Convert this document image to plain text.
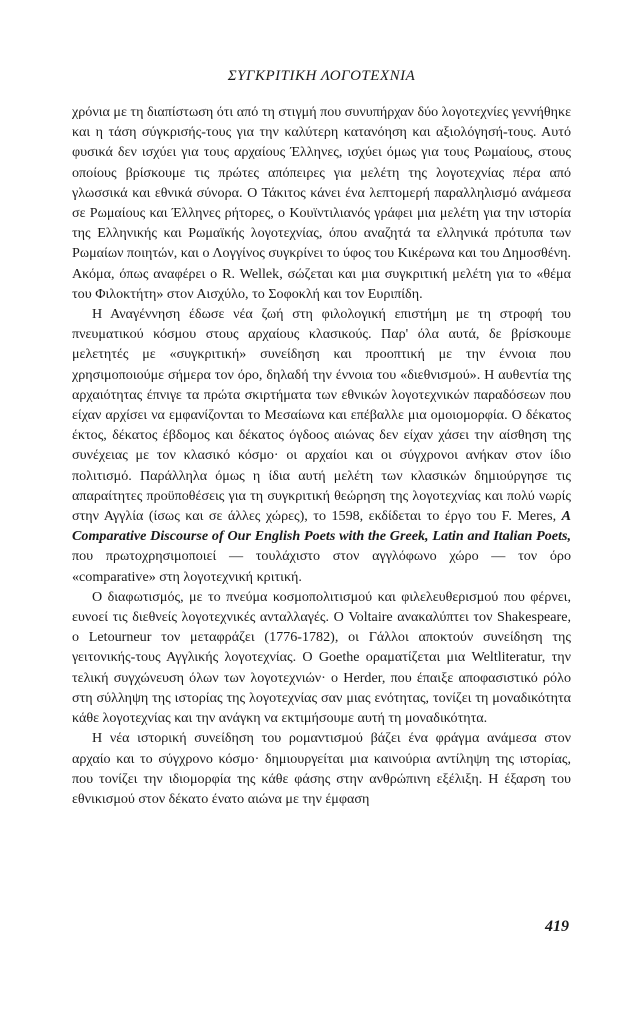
ΣΥΓΚΡΙΤΙΚΗ ΛΟΓΟΤΕΧΝΙΑ

χρόνια με τη διαπίστωση ότι από τη στιγμή που συνυπήρχαν δύο λογοτεχνίες γεννήθηκε και η τάση σύγκρισής-τους για την καλύτερη κατανόηση και αξιολόγησή-τους. Αυτό φυσικά δεν ισχύει για τους αρχαίους Έλληνες, ισχύει όμως για τους Ρωμαίους, στους οποίους βρίσκουμε τις πρώτες απόπειρες για μελέτη της λογοτεχνίας πέρα από γλωσσικά και εθνικά σύνορα. Ο Τάκιτος κάνει ένα λεπτομερή παραλληλισμό ανάμεσα σε Ρωμαίους και Έλληνες ρήτορες, ο Κουϊντιλιανός γράφει μια μελέτη για την ιστορία της Ελληνικής και Ρωμαϊκής λογοτεχνίας, όπου αναζητά τα ελληνικά πρότυπα των Ρωμαίων ποιητών, και ο Λογγίνος συγκρίνει το ύφος του Κικέρωνα και του Δημοσθένη. Ακόμα, όπως αναφέρει ο R. Wellek, σώζεται και μια συγκριτική μελέτη για το «θέμα του Φιλοκτήτη» στον Αισχύλο, το Σοφοκλή και τον Ευριπίδη.

Η Αναγέννηση έδωσε νέα ζωή στη φιλολογική επιστήμη με τη στροφή του πνευματικού κόσμου στους αρχαίους κλασικούς. Παρ' όλα αυτά, δε βρίσκουμε μελετητές με «συγκριτική» συνείδηση και προοπτική με την έννοια που χρησιμοποιούμε σήμερα τον όρο, δηλαδή την έννοια του «διεθνισμού». Η αυθεντία της αρχαιότητας έπνιγε τα πρώτα σκιρτήματα των εθνικών λογοτεχνικών παραδόσεων που είχαν αρχίσει να εμφανίζονται το Μεσαίωνα και επέβαλλε μια ομοιομορφία. Ο δέκατος έκτος, δέκατος έβδομος και δέκατος όγδοος αιώνας δεν είχαν χάσει την αίσθηση της συνέχειας με τον κλασικό κόσμο· οι αρχαίοι και οι σύγχρονοι ανήκαν στον ίδιο πολιτισμό. Παράλληλα όμως η ίδια αυτή μελέτη των κλασικών δημιούργησε τις απαραίτητες προϋποθέσεις για τη συγκριτική θεώρηση της λογοτεχνίας και πολύ νωρίς στην Αγγλία (ίσως και σε άλλες χώρες), το 1598, εκδίδεται το έργο του F. Meres, A Comparative Discourse of Our English Poets with the Greek, Latin and Italian Poets, που πρωτοχρησιμοποιεί — τουλάχιστο στον αγγλόφωνο χώρο — τον όρο «comparative» στη λογοτεχνική κριτική.

Ο διαφωτισμός, με το πνεύμα κοσμοπολιτισμού και φιλελευθερισμού που φέρνει, ευνοεί τις διεθνείς λογοτεχνικές ανταλλαγές. Ο Voltaire ανακαλύπτει τον Shakespeare, ο Letourneur τον μεταφράζει (1776-1782), οι Γάλλοι αποκτούν συνείδηση της γειτονικής-τους Αγγλικής λογοτεχνίας. Ο Goethe οραματίζεται μια Weltliteratur, την τελική συγχώνευση όλων των λογοτεχνιών· ο Herder, που έπαιξε αποφασιστικό ρόλο στη σύλληψη της ιστορίας της λογοτεχνίας σαν μιας ενότητας, τονίζει τη μοναδικότητα κάθε λογοτεχνίας και την ανάγκη να εκτιμήσουμε αυτή τη μοναδικότητα.

Η νέα ιστορική συνείδηση του ρομαντισμού βάζει ένα φράγμα ανάμεσα στον αρχαίο και το σύγχρονο κόσμο· δημιουργείται μια καινούρια αντίληψη της ιστορίας, που τονίζει την ιδιομορφία της κάθε φάσης στην ανθρώπινη εξέλιξη. Η έξαρση του εθνικισμού στον δέκατο ένατο αιώνα με την έμφαση

419
